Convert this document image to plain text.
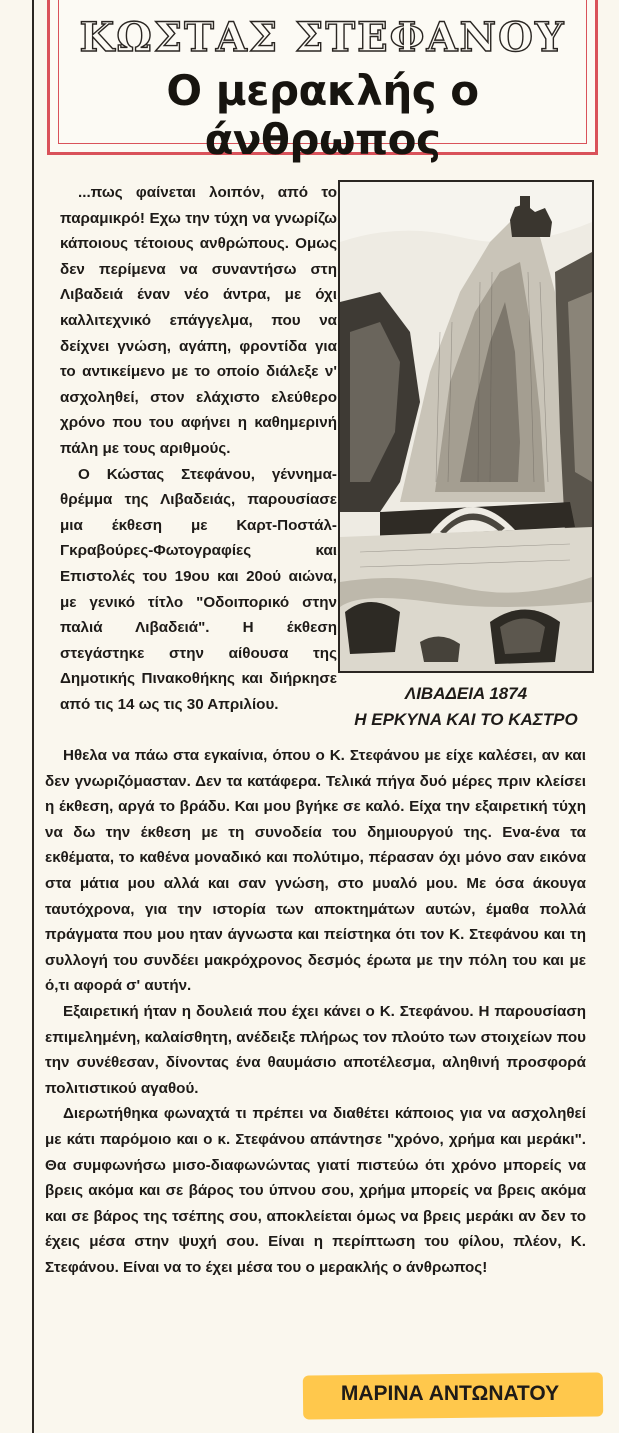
ΚΩΣΤΑΣ ΣΤΕΦΑΝΟΥ
Ο μερακλής ο άνθρωπος

...πως φαίνεται λοιπόν, από το παραμικρό! Εχω την τύχη να γνωρίζω κάποιους τέτοιους ανθρώπους. Ομως δεν περίμενα να συναντήσω στη Λιβαδειά έναν νέο άντρα, με όχι καλλιτεχνικό επάγγελμα, που να δείχνει γνώση, αγάπη, φροντίδα για το αντικείμενο με το οποίο διάλεξε ν' ασχοληθεί, στον ελάχιστο ελεύθερο χρόνο που του αφήνει η καθημερινή πάλη με τους αριθμούς.

Ο Κώστας Στεφάνου, γέννημα-θρέμμα της Λιβαδειάς, παρουσίασε μια έκθεση με Καρτ-Ποστάλ-Γκραβούρες-Φωτογραφίες και Επιστολές του 19ου και 20ού αιώνα, με γενικό τίτλο "Οδοιπορικό στην παλιά Λιβαδειά". Η έκθεση στεγάστηκε στην αίθουσα της Δημοτικής Πινακοθήκης και διήρκησε από τις 14 ως τις 30 Απριλίου.

ΛΙΒΑΔΕΙΑ 1874
Η ΕΡΚΥΝΑ ΚΑΙ ΤΟ ΚΑΣΤΡΟ

Ηθελα να πάω στα εγκαίνια, όπου ο Κ. Στεφάνου με είχε καλέσει, αν και δεν γνωριζόμασταν. Δεν τα κατάφερα. Τελικά πήγα δυό μέρες πριν κλείσει η έκθεση, αργά το βράδυ. Και μου βγήκε σε καλό. Είχα την εξαιρετική τύχη να δω την έκθεση με τη συνοδεία του δημιουργού της. Ενα-ένα τα εκθέματα, το καθένα μοναδικό και πολύτιμο, πέρασαν όχι μόνο σαν εικόνα στα μάτια μου αλλά και σαν γνώση, στο μυαλό μου. Με όσα άκουγα ταυτόχρονα, για την ιστορία των αποκτημάτων αυτών, έμαθα πολλά πράγματα που μου ηταν άγνωστα και πείστηκα ότι τον Κ. Στεφάνου και τη συλλογή του συνδέει μακρόχρονος δεσμός έρωτα με την πόλη του και με ό,τι αφορά σ' αυτήν.

Εξαιρετική ήταν η δουλειά που έχει κάνει ο Κ. Στεφάνου. Η παρουσίαση επιμελημένη, καλαίσθητη, ανέδειξε πλήρως τον πλούτο των στοιχείων που την συνέθεσαν, δίνοντας ένα θαυμάσιο αποτέλεσμα, αληθινή προσφορά πολιτιστικού αγαθού.

Διερωτήθηκα φωναχτά τι πρέπει να διαθέτει κάποιος για να ασχοληθεί με κάτι παρόμοιο και ο κ. Στεφάνου απάντησε "χρόνο, χρήμα και μεράκι". Θα συμφωνήσω μισο-διαφωνώντας γιατί πιστεύω ότι χρόνο μπορείς να βρεις ακόμα και σε βάρος του ύπνου σου, χρήμα μπορείς να βρεις ακόμα και σε βάρος της τσέπης σου, αποκλείεται όμως να βρεις μεράκι αν δεν το έχεις μέσα στην ψυχή σου. Είναι η περίπτωση του φίλου, πλέον, Κ. Στεφάνου. Είναι να το έχει μέσα του ο μερακλής ο άνθρωπος!

ΜΑΡΙΝΑ ΑΝΤΩΝΑΤΟΥ
